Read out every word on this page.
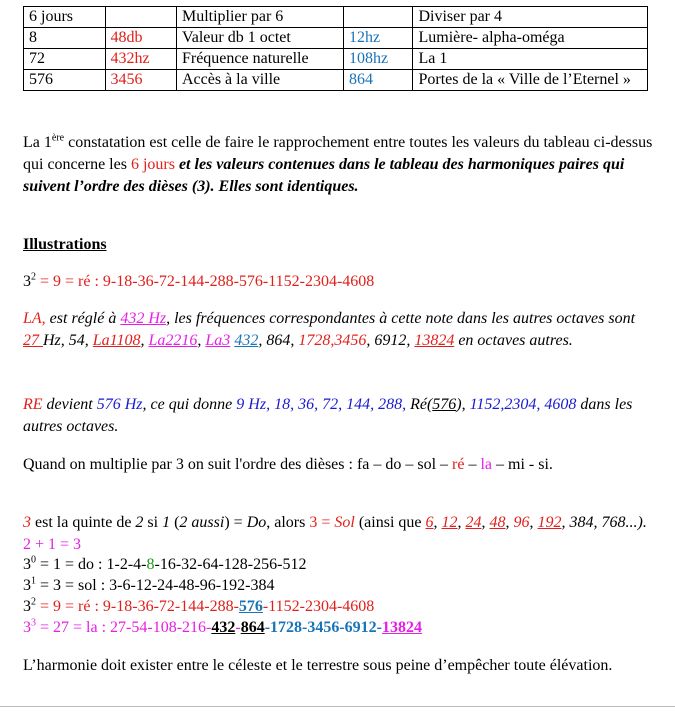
6 jours		Multiplier par 6		Diviser par 4
8	48db	Valeur db 1 octet	12hz	Lumière- alpha-oméga
72	432hz	Fréquence naturelle	108hz	La 1
576	3456	Accès à la ville	864	Portes de la « Ville de l’Eternel »
La 1ère constatation est celle de faire le rapprochement entre toutes les valeurs du tableau ci-dessus qui concerne les 6 jours et les valeurs contenues dans le tableau des harmoniques paires qui suivent l’ordre des dièses (3). Elles sont identiques.
Illustrations
$3^2 = 9$ = ré : 9-18-36-72-144-288-576-1152-2304-4608
LA, est réglé à 432 Hz, les fréquences correspondantes à cette note dans les autres octaves sont 27 Hz, 54, La1108, La2216, La3 432, 864, 1728,3456, 6912, 13824 en octaves autres.
RE devient 576 Hz, ce qui donne 9 Hz, 18, 36, 72, 144, 288, Ré(576), 1152,2304, 4608 dans les autres octaves.
Quand on multiplie par 3 on suit l'ordre des dièses : fa – do – sol – ré – la – mi - si.
3 est la quinte de 2 si 1 (2 aussi) = Do, alors 3 = Sol (ainsi que 6, 12, 24, 48, 96, 192, 384, 768...). 2 + 1 = 3
$3^0 = 1$ = do : 1-2-4-8-16-32-64-128-256-512
$3^1 = 3$ = sol : 3-6-12-24-48-96-192-384
$3^2 = 9$ = ré : 9-18-36-72-144-288-576-1152-2304-4608
$3^3 = 27$ = la : 27-54-108-216-432-864-1728-3456-6912-13824
L’harmonie doit exister entre le céleste et le terrestre sous peine d’empêcher toute élévation.
